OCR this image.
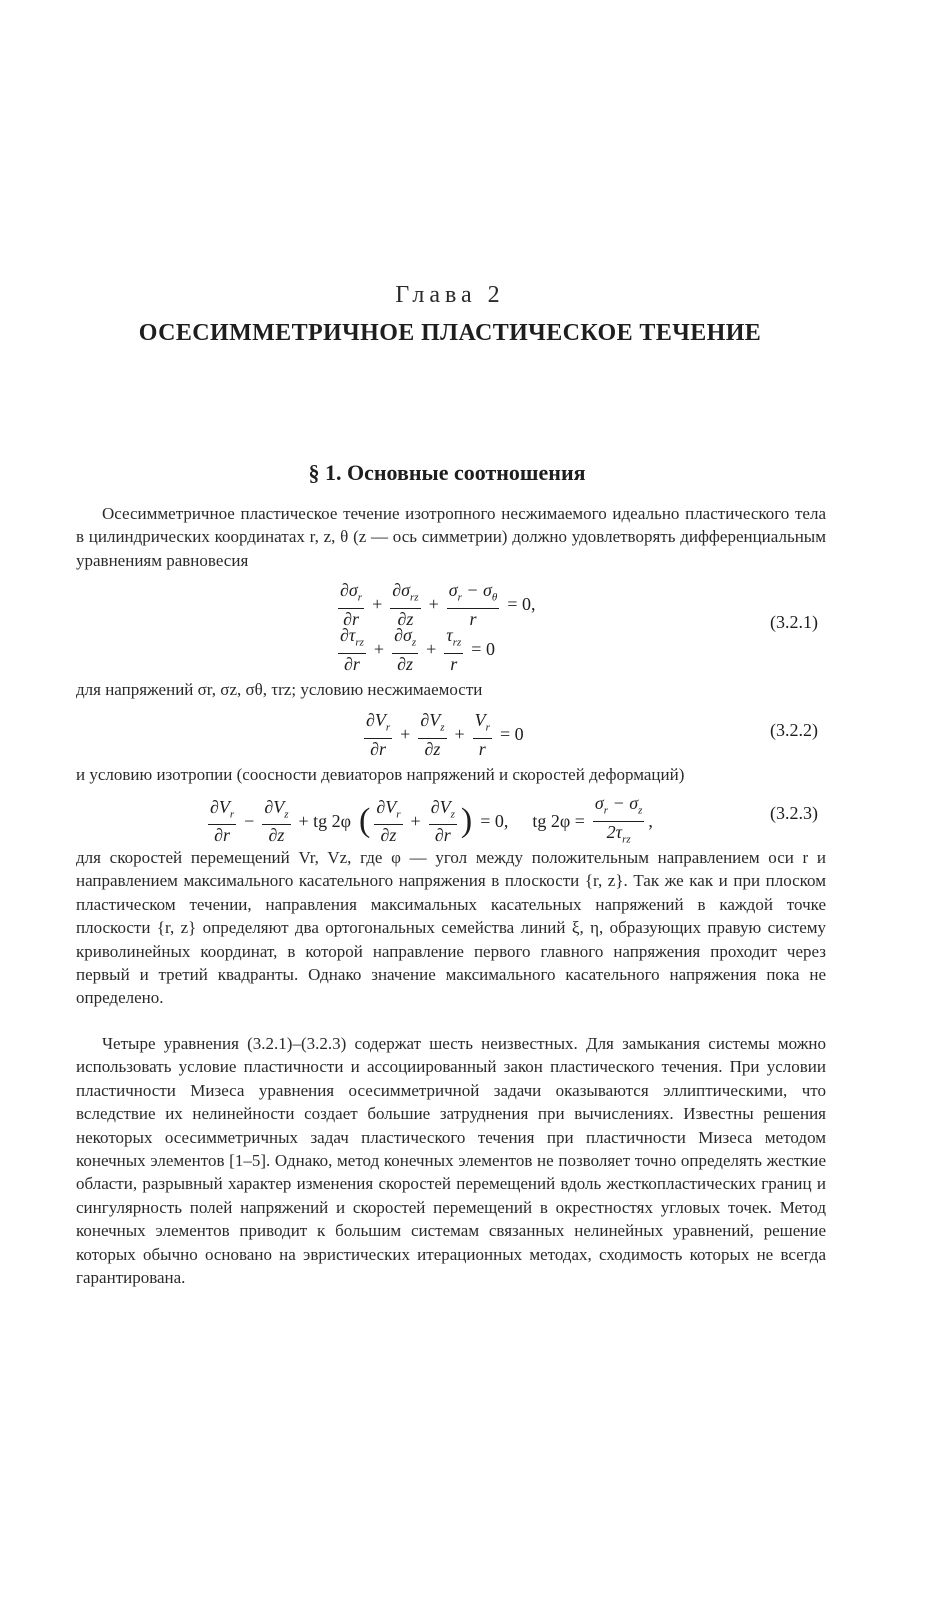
Глава 2
ОСЕСИММЕТРИЧНОЕ ПЛАСТИЧЕСКОЕ ТЕЧЕНИЕ
§ 1. Основные соотношения

Осесимметричное пластическое течение изотропного несжимаемого идеально пластического тела в цилиндрических координатах r, z, θ (z — ось симметрии) должно удовлетворять дифференциальным уравнениям равновесия

$\frac{\partial\sigma_r}{\partial r} + \frac{\partial\sigma_{rz}}{\partial z} + \frac{\sigma_r - \sigma_\theta}{r} = 0$,
$\frac{\partial\tau_{rz}}{\partial r} + \frac{\partial\sigma_z}{\partial z} + \frac{\tau_{rz}}{r} = 0$
(3.2.1)

для напряжений σr, σz, σθ, τrz; условию несжимаемости

$\frac{\partial V_r}{\partial r} + \frac{\partial V_z}{\partial z} + \frac{V_r}{r} = 0$	(3.2.2)

и условию изотропии (соосности девиаторов напряжений и скоростей деформаций)

$\frac{\partial V_r}{\partial r} - \frac{\partial V_z}{\partial z}$ + tg 2φ ( $\frac{\partial V_r}{\partial z} + \frac{\partial V_z}{\partial r}$ ) = 0, tg $2\varphi = \frac{\sigma_r - \sigma_z}{2\tau_{rz}}$ ,	(3.2.3)

для скоростей перемещений Vr, Vz, где φ — угол между положительным направлением оси r и направлением максимального касательного напряжения в плоскости {r, z}. Так же как и при плоском пластическом течении, направления максимальных касательных напряжений в каждой точке плоскости {r, z} определяют два ортогональных семейства линий ξ, η, образующих правую систему криволинейных координат, в которой направление первого главного напряжения проходит через первый и третий квадранты. Однако значение максимального касательного напряжения пока не определено.

Четыре уравнения (3.2.1)–(3.2.3) содержат шесть неизвестных. Для замыкания системы можно использовать условие пластичности и ассоциированный закон пластического течения. При условии пластичности Мизеса уравнения осесимметричной задачи оказываются эллиптическими, что вследствие их нелинейности создает большие затруднения при вычислениях. Известны решения некоторых осесимметричных задач пластического течения при пластичности Мизеса методом конечных элементов [1–5]. Однако, метод конечных элементов не позволяет точно определять жесткие области, разрывный характер изменения скоростей перемещений вдоль жесткопластических границ и сингулярность полей напряжений и скоростей перемещений в окрестностях угловых точек. Метод конечных элементов приводит к большим системам связанных нелинейных уравнений, решение которых обычно основано на эвристических итерационных методах, сходимость которых не всегда гарантирована.
